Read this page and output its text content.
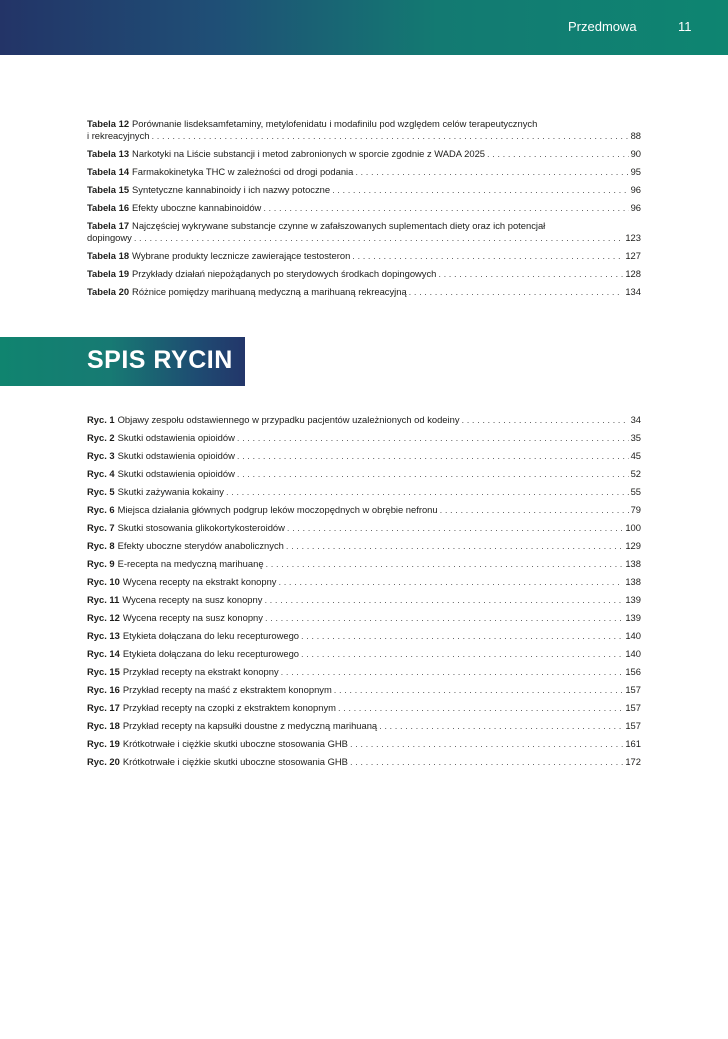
Przedmowa	11
Tabela 12 Porównanie lisdeksamfetaminy, metylofenidatu i modafinilu pod względem celów terapeutycznych
i rekreacyjnych . . .	88
Tabela 13 Narkotyki na Liście substancji i metod zabronionych w sporcie zgodnie z WADA 2025 . . .	90
Tabela 14 Farmakokinetyka THC w zależności od drogi podania . . .	95
Tabela 15 Syntetyczne kannabinoidy i ich nazwy potoczne . . .	96
Tabela 16 Efekty uboczne kannabinoidów . . .	96
Tabela 17 Najczęściej wykrywane substancje czynne w zafałszowanych suplementach diety oraz ich potencjał
dopingowy . . .	123
Tabela 18 Wybrane produkty lecznicze zawierające testosteron . . .	127
Tabela 19 Przykłady działań niepożądanych po sterydowych środkach dopingowych . . .	128
Tabela 20 Różnice pomiędzy marihuaną medyczną a marihuaną rekreacyjną . . .	134
SPIS RYCIN
Ryc. 1 Objawy zespołu odstawiennego w przypadku pacjentów uzależnionych od kodeiny . . .	34
Ryc. 2 Skutki odstawienia opioidów . . .	35
Ryc. 3 Skutki odstawienia opioidów . . .	45
Ryc. 4 Skutki odstawienia opioidów . . .	52
Ryc. 5 Skutki zażywania kokainy . . .	55
Ryc. 6 Miejsca działania głównych podgrup leków moczopędnych w obrębie nefronu . . .	79
Ryc. 7 Skutki stosowania glikokortykosteroidów . . .	100
Ryc. 8 Efekty uboczne sterydów anabolicznych . . .	129
Ryc. 9 E-recepta na medyczną marihuanę . . .	138
Ryc. 10 Wycena recepty na ekstrakt konopny . . .	138
Ryc. 11 Wycena recepty na susz konopny . . .	139
Ryc. 12 Wycena recepty na susz konopny . . .	139
Ryc. 13 Etykieta dołączana do leku recepturowego . . .	140
Ryc. 14 Etykieta dołączana do leku recepturowego . . .	140
Ryc. 15 Przykład recepty na ekstrakt konopny . . .	156
Ryc. 16 Przykład recepty na maść z ekstraktem konopnym . . .	157
Ryc. 17 Przykład recepty na czopki z ekstraktem konopnym . . .	157
Ryc. 18 Przykład recepty na kapsułki doustne z medyczną marihuaną . . .	157
Ryc. 19 Krótkotrwałe i ciężkie skutki uboczne stosowania GHB . . .	161
Ryc. 20 Krótkotrwałe i ciężkie skutki uboczne stosowania GHB . . .	172
